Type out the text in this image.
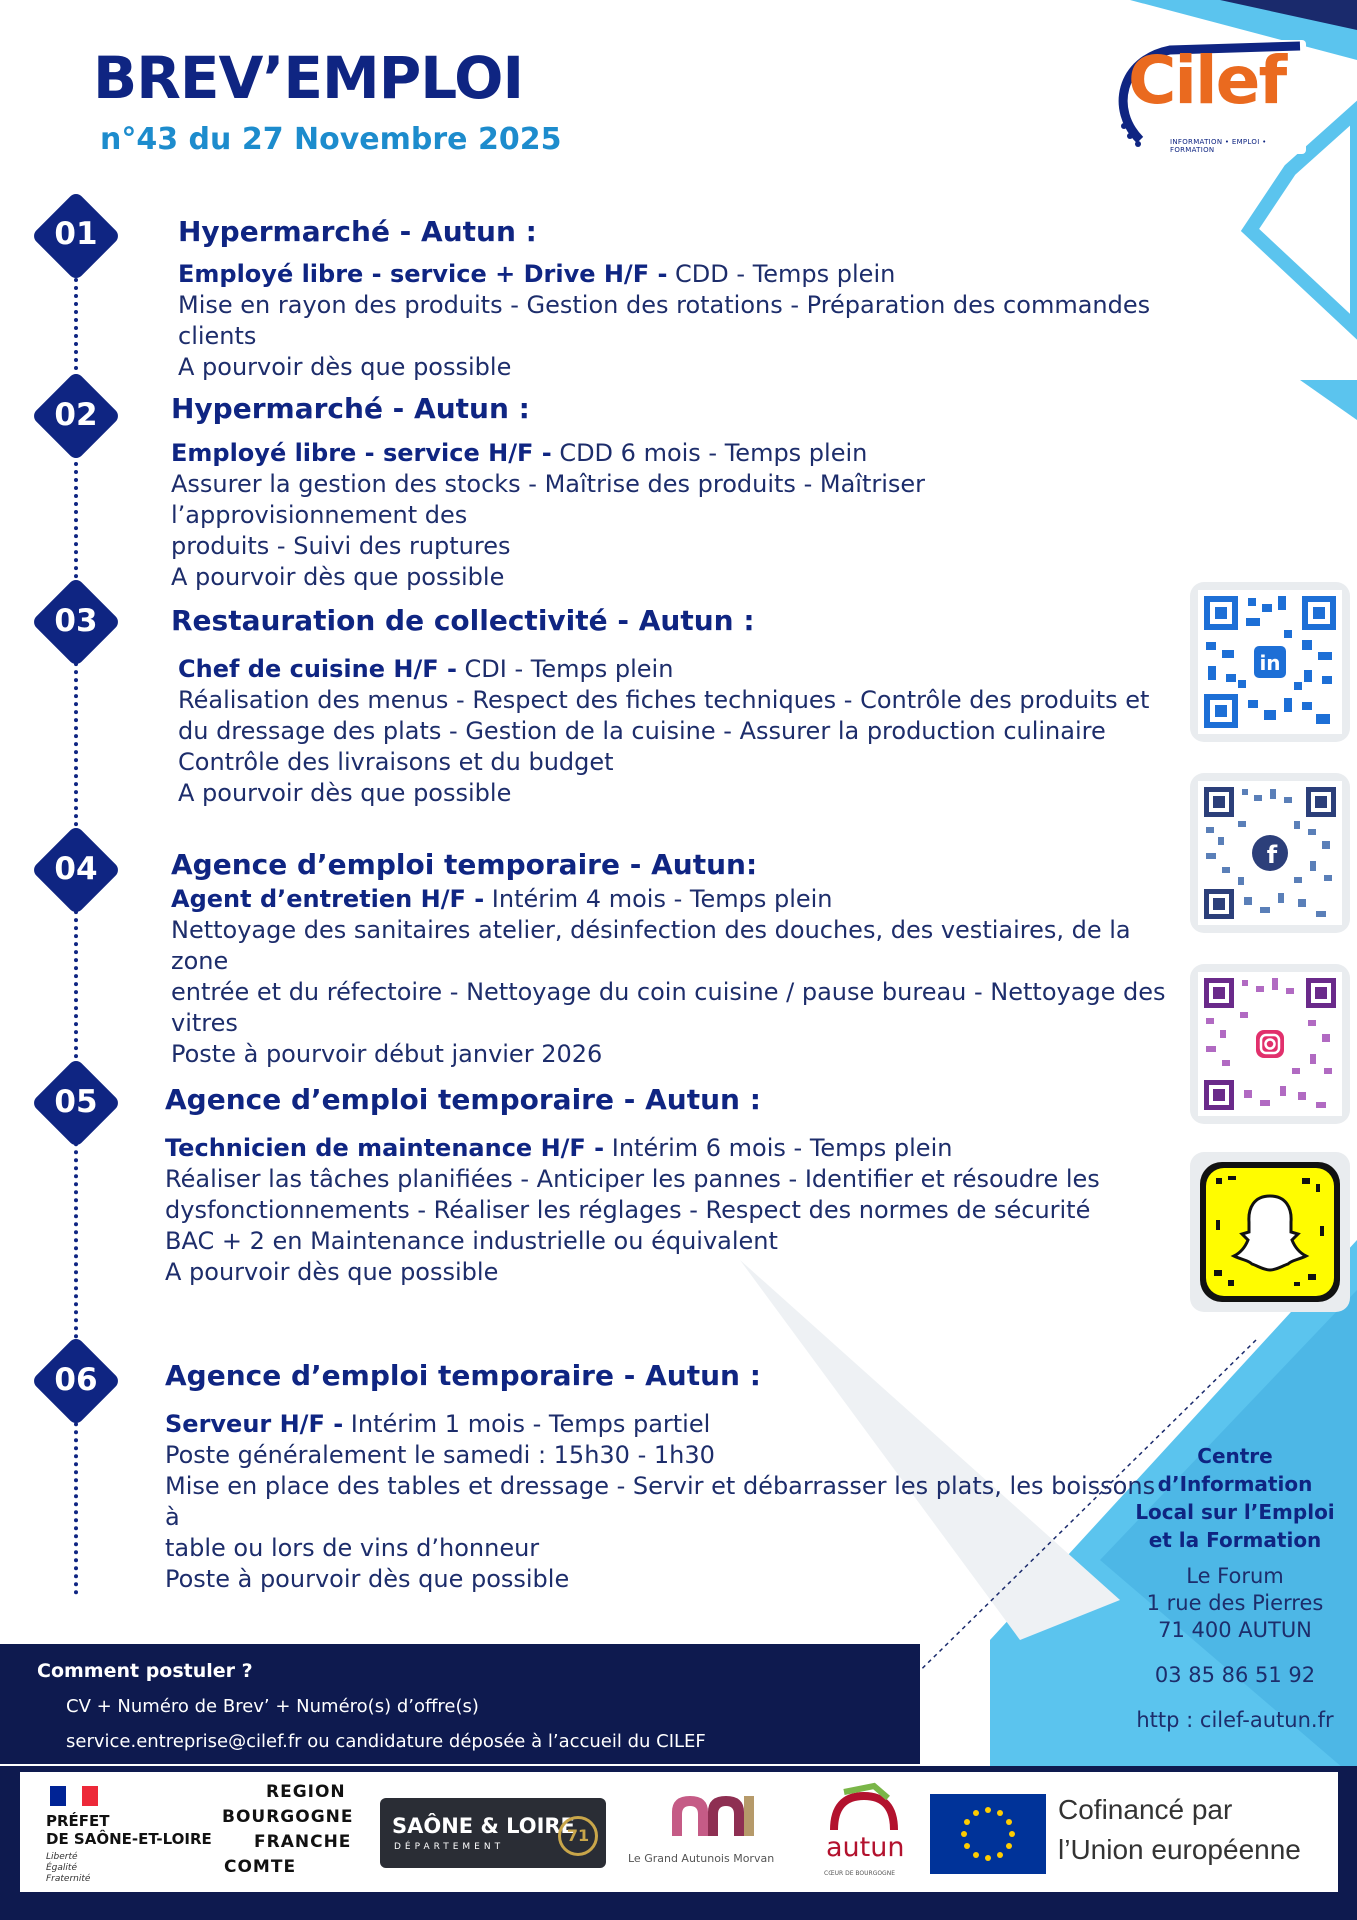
BREV’EMPLOI
n°43 du 27 Novembre 2025
Cilef
INFORMATION • EMPLOI • FORMATION
01
02
03
04
05
06
Hypermarché - Autun :

Employé libre - service + Drive H/F - CDD - Temps plein

Mise en rayon des produits - Gestion des rotations - Préparation des commandes clients

A pourvoir dès que possible

Hypermarché - Autun :

Employé libre - service H/F - CDD 6 mois - Temps plein

Assurer la gestion des stocks - Maîtrise des produits - Maîtriser l’approvisionnement des

produits - Suivi des ruptures

A pourvoir dès que possible

Restauration de collectivité - Autun :

Chef de cuisine H/F - CDI - Temps plein

Réalisation des menus - Respect des fiches techniques - Contrôle des produits et

du dressage des plats - Gestion de la cuisine - Assurer la production culinaire

Contrôle des livraisons et du budget

A pourvoir dès que possible

Agence d’emploi temporaire - Autun:

Agent d’entretien H/F - Intérim 4 mois - Temps plein

Nettoyage des sanitaires atelier, désinfection des douches, des vestiaires, de la zone

entrée et du réfectoire - Nettoyage du coin cuisine / pause bureau - Nettoyage des

vitres

Poste à pourvoir début janvier 2026

Agence d’emploi temporaire - Autun :

Technicien de maintenance H/F - Intérim 6 mois - Temps plein

Réaliser las tâches planifiées - Anticiper les pannes - Identifier et résoudre les

dysfonctionnements - Réaliser les réglages - Respect des normes de sécurité

BAC + 2 en Maintenance industrielle ou équivalent

A pourvoir dès que possible

Agence d’emploi temporaire - Autun :

Serveur H/F - Intérim 1 mois - Temps partiel

Poste généralement le samedi : 15h30 - 1h30

Mise en place des tables et dressage - Servir et débarrasser les plats, les boissons à

table ou lors de vins d’honneur

Poste à pourvoir dès que possible

in
f
Centre
d’Information
Local sur l’Emploi
et la Formation
Le Forum
1 rue des Pierres
71 400 AUTUN
03 85 86 51 92
http : cilef-autun.fr
Comment postuler ?
CV + Numéro de Brev’ + Numéro(s) d’offre(s)
service.entreprise@cilef.fr ou candidature déposée à l’accueil du CILEF
PRÉFET
DE SAÔNE-ET-LOIRE
Liberté
Égalité
Fraternité
REGION
BOURGOGNE
FRANCHE
COMTE
SAÔNE & LOIRE
DÉPARTEMENT
71
Le Grand Autunois Morvan autun
CŒUR DE BOURGOGNE
Cofinancé par
l’Union européenne
